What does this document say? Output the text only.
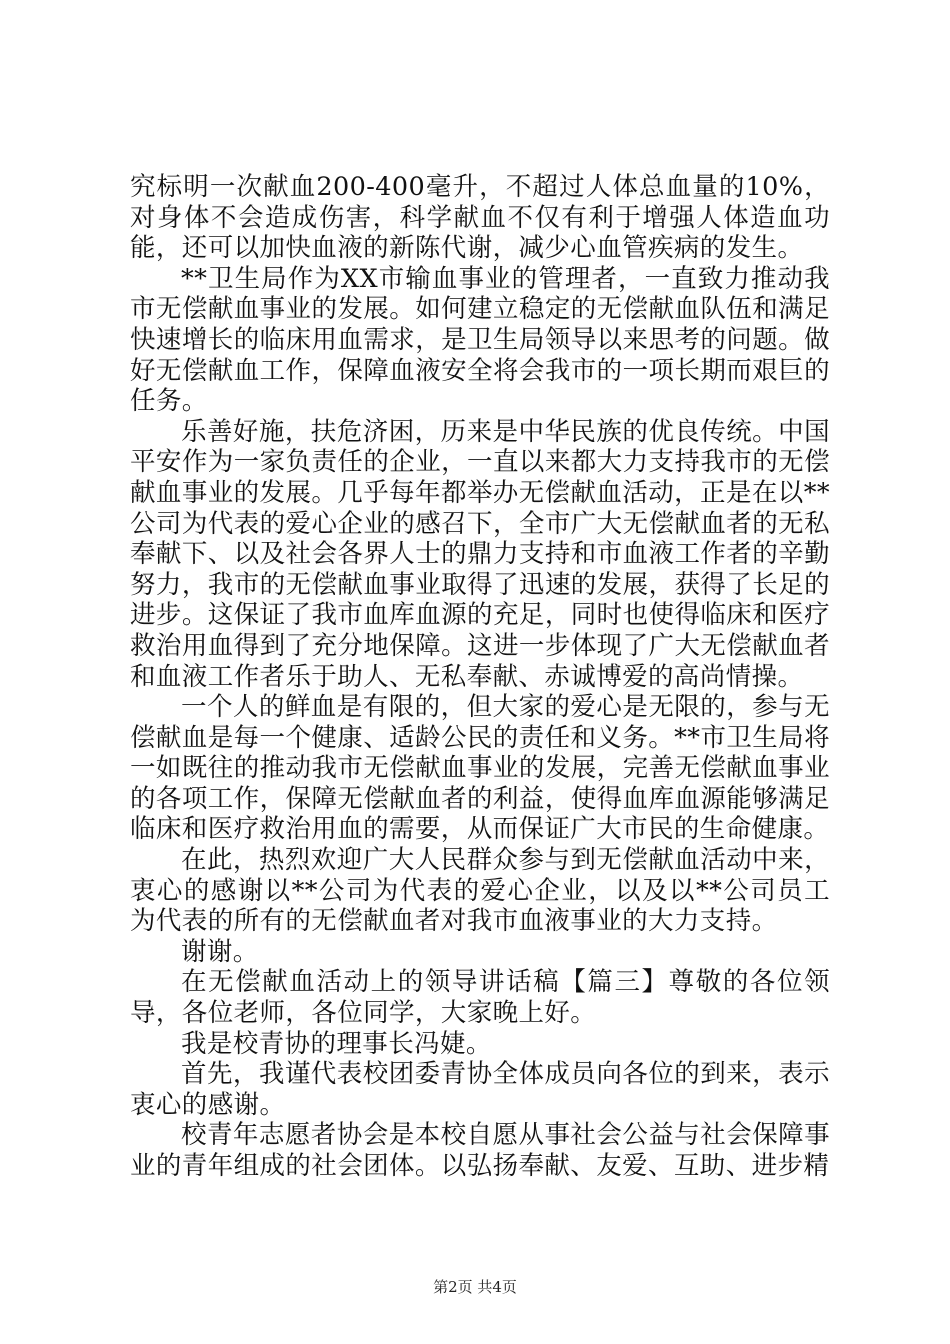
究标明一次献血200-400毫升，不超过人体总血量的10%，对身体不会造成伤害，科学献血不仅有利于增强人体造血功能，还可以加快血液的新陈代谢，减少心血管疾病的发生。

**卫生局作为XX市输血事业的管理者，一直致力推动我市无偿献血事业的发展。如何建立稳定的无偿献血队伍和满足快速增长的临床用血需求，是卫生局领导以来思考的问题。做好无偿献血工作，保障血液安全将会我市的一项长期而艰巨的任务。

乐善好施，扶危济困，历来是中华民族的优良传统。中国平安作为一家负责任的企业，一直以来都大力支持我市的无偿献血事业的发展。几乎每年都举办无偿献血活动，正是在以**公司为代表的爱心企业的感召下，全市广大无偿献血者的无私奉献下、以及社会各界人士的鼎力支持和市血液工作者的辛勤努力，我市的无偿献血事业取得了迅速的发展，获得了长足的进步。这保证了我市血库血源的充足，同时也使得临床和医疗救治用血得到了充分地保障。这进一步体现了广大无偿献血者和血液工作者乐于助人、无私奉献、赤诚博爱的高尚情操。

一个人的鲜血是有限的，但大家的爱心是无限的，参与无偿献血是每一个健康、适龄公民的责任和义务。**市卫生局将一如既往的推动我市无偿献血事业的发展，完善无偿献血事业的各项工作，保障无偿献血者的利益，使得血库血源能够满足临床和医疗救治用血的需要，从而保证广大市民的生命健康。

在此，热烈欢迎广大人民群众参与到无偿献血活动中来，衷心的感谢以**公司为代表的爱心企业，以及以**公司员工为代表的所有的无偿献血者对我市血液事业的大力支持。

谢谢。

在无偿献血活动上的领导讲话稿【篇三】尊敬的各位领导，各位老师，各位同学，大家晚上好。

我是校青协的理事长冯婕。

首先，我谨代表校团委青协全体成员向各位的到来，表示衷心的感谢。

校青年志愿者协会是本校自愿从事社会公益与社会保障事业的青年组成的社会团体。以弘扬奉献、友爱、互助、进步精

第2页 共4页
